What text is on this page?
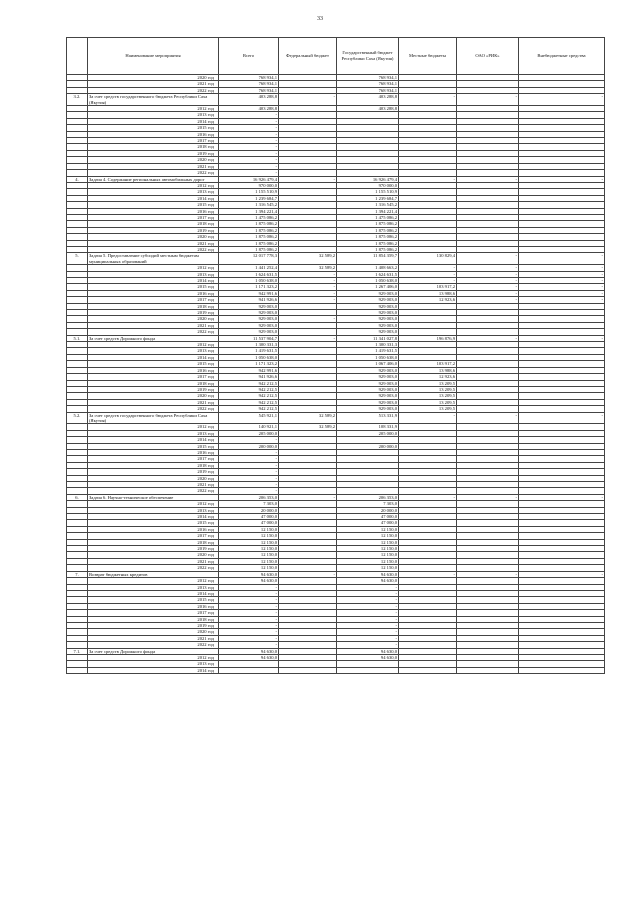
33
	Наименование мероприятия	Всего	Федеральный бюджет	Государственный бюджет Республики Саха (Якутия)	Местные бюджеты	ОАО «РИК»	Внебюджетные средства
	2020 год	768 934,1		768 934,1			
	2021 год	768 934,1		768 934,1			
	2022 год	768 934,1		768 934,1			
3.2.	За счет средств государственного бюджета Республики Саха (Якутия)	403 288,8	-	403 288,8	-	-	-
	2012 год	403 288,8		403 288,8			
	2013 год	-					
	2014 год	-					
	2015 год	-					
	2016 год	-					
	2017 год	-					
	2018 год	-					
	2019 год	-					
	2020 год	-					
	2021 год	-					
	2022 год	-					
4.	Задача 4. Содержание региональных автомобильных дорог	16 926 479,4	-	16 926 479,4	-	-	-
	2012 год	970 000,0		970 000,0			
	2013 год	1 155 510,9		1 155 510,9			
	2014 год	1 239 684,7		1 239 684,7			
	2015 год	1 316 545,2		1 316 545,2			
	2016 год	1 394 221,4		1 394 221,4			
	2017 год	1 475 086,2		1 475 086,2			
	2018 год	1 875 086,2		1 875 086,2			
	2019 год	1 875 086,2		1 875 086,2			
	2020 год	1 875 086,2		1 875 086,2			
	2021 год	1 875 086,2		1 875 086,2			
	2022 год	1 875 086,2		1 875 086,2			
5.	Задача 5. Предоставление субсидий местным бюджетам муниципальных образований	12 017 778,3	32 589,2	11 854 359,7	130 829,4	-	-
	2012 год	1 441 252,4	32 589,2	1 408 663,2	-	-	-
	2013 год	1 624 631,5	-	1 624 631,5	-	-	-
	2014 год	1 050 638,0	-	1 050 638,0	-	-	-
	2015 год	1 171 323,2	-	1 267 406,0	103 917,2	-	-
	2016 год	942 991,6	-	929 003,0	13 988,6	-	-
	2017 год	941 926,6	-	929 003,0	12 923,6	-	-
	2018 год	929 003,0		929 003,0			
	2019 год	929 003,0		929 003,0			
	2020 год	929 003,0	-	929 003,0			
	2021 год	929 003,0		929 003,0			
	2022 год	929 003,0		929 003,0			
5.1.	За счет средств Дорожного фонда	11 537 904,7	-	11 341 027,8	196 876,9	-	-
	2012 год	1 300 331,3		1 300 331,3			
	2013 год	1 419 631,5		1 419 631,5			
	2014 год	1 050 638,0		1 050 638,0			
	2015 год	1 171 323,2		1 067 406,0	103 917,2		
	2016 год	942 991,6		929 003,0	13 988,6		
	2017 год	941 926,6		929 003,0	12 923,6		
	2018 год	942 212,5		929 003,0	13 209,5		
	2019 год	942 212,5		929 003,0	13 209,5		
	2020 год	942 212,5		929 003,0	13 209,5		
	2021 год	942 212,5		929 003,0	13 209,5		
	2022 год	942 212,5		929 003,0	13 209,5		
5.2.	За счет средств государственного бюджета Республики Саха (Якутия)	545 921,1	32 589,2	513 331,9	-	-	-
	2012 год	140 921,1	32 589,2	108 331,9			
	2013 год	205 000,0		205 000,0			
	2014 год	-					
	2015 год	200 000,0		200 000,0			
	2016 год	-					
	2017 год	-					
	2018 год	-					
	2019 год	-					
	2020 год	-					
	2021 год	-					
	2022 год	-					
6.	Задача 6. Научно-техническое обеспечение	206 353,0	-	206 353,0	-	-	-
	2012 год	7 303,0		7 303,0			
	2013 год	20 000,0		20 000,0			
	2014 год	47 000,0		47 000,0			
	2015 год	47 000,0		47 000,0			
	2016 год	12 150,0		12 150,0			
	2017 год	12 150,0		12 150,0			
	2018 год	12 150,0		12 150,0			
	2019 год	12 150,0		12 150,0			
	2020 год	12 150,0		12 150,0			
	2021 год	12 150,0		12 150,0			
	2022 год	12 150,0		12 150,0			
7.	Возврат бюджетных кредитов	94 630,0	-	94 630,0	-	-	-
	2012 год	94 630,0		94 630,0			
	2013 год	-		-			
	2014 год	-		-			
	2015 год	-		-			
	2016 год	-		-			
	2017 год	-		-			
	2018 год	-		-			
	2019 год	-		-			
	2020 год	-		-			
	2021 год	-		-			
	2022 год	-		-			
7.1.	За счет средств Дорожного фонда	94 630,0		94 630,0			
	2012 год	94 630,0		94 630,0			
	2013 год						
	2014 год						
